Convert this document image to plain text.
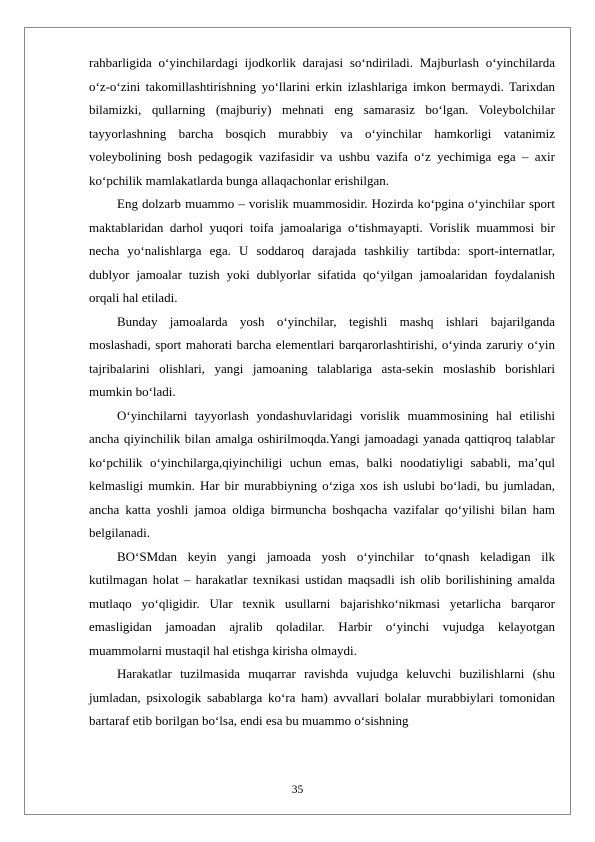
rahbarligida o‘yinchilardagi ijodkorlik darajasi so‘ndiriladi. Majburlash o‘yinchilarda o‘z-o‘zini takomillashtirishning yo‘llarini erkin izlashlariga imkon bermaydi. Tarixdan bilamizki, qullarning (majburiy) mehnati eng samarasiz bo‘lgan. Voleybolchilar tayyorlashning barcha bosqich murabbiy va o‘yinchilar hamkorligi vatanimiz voleybolining bosh pedagogik vazifasidir va ushbu vazifa o‘z yechimiga ega – axir ko‘pchilik mamlakatlarda bunga allaqachonlar erishilgan.

Eng dolzarb muammo – vorislik muammosidir. Hozirda ko‘pgina o‘yinchilar sport maktablaridan darhol yuqori toifa jamoalariga o‘tishmayapti. Vorislik muammosi bir necha yo‘nalishlarga ega. U soddaroq darajada tashkiliy tartibda: sport-internatlar, dublyor jamoalar tuzish yoki dublyorlar sifatida qo‘yilgan jamoalaridan foydalanish orqali hal etiladi.

Bunday jamoalarda yosh o‘yinchilar, tegishli mashq ishlari bajarilganda moslashadi, sport mahorati barcha elementlari barqarorlashtirishi, o‘yinda zaruriy o‘yin tajribalarini olishlari, yangi jamoaning talablariga asta-sekin moslashib borishlari mumkin bo‘ladi.

O‘yinchilarni tayyorlash yondashuvlaridagi vorislik muammosining hal etilishi ancha qiyinchilik bilan amalga oshirilmoqda.Yangi jamoadagi yanada qattiqroq talablar ko‘pchilik o‘yinchilarga,qiyinchiligi uchun emas, balki noodatiyligi sababli, ma’qul kelmasligi mumkin. Har bir murabbiyning o‘ziga xos ish uslubi bo‘ladi, bu jumladan, ancha katta yoshli jamoa oldiga birmuncha boshqacha vazifalar qo‘yilishi bilan ham belgilanadi.

BO‘SMdan keyin yangi jamoada yosh o‘yinchilar to‘qnash keladigan ilk kutilmagan holat – harakatlar texnikasi ustidan maqsadli ish olib borilishining amalda mutlaqo yo‘qligidir. Ular texnik usullarni bajarishko‘nikmasi yetarlicha barqaror emasligidan jamoadan ajralib qoladilar. Harbir o‘yinchi vujudga kelayotgan muammolarni mustaqil hal etishga kirisha olmaydi.

Harakatlar tuzilmasida muqarrar ravishda vujudga keluvchi buzilishlarni (shu jumladan, psixologik sabablarga ko‘ra ham) avvallari bolalar murabbiylari tomonidan bartaraf etib borilgan bo‘lsa, endi esa bu muammo o‘sishning

35
